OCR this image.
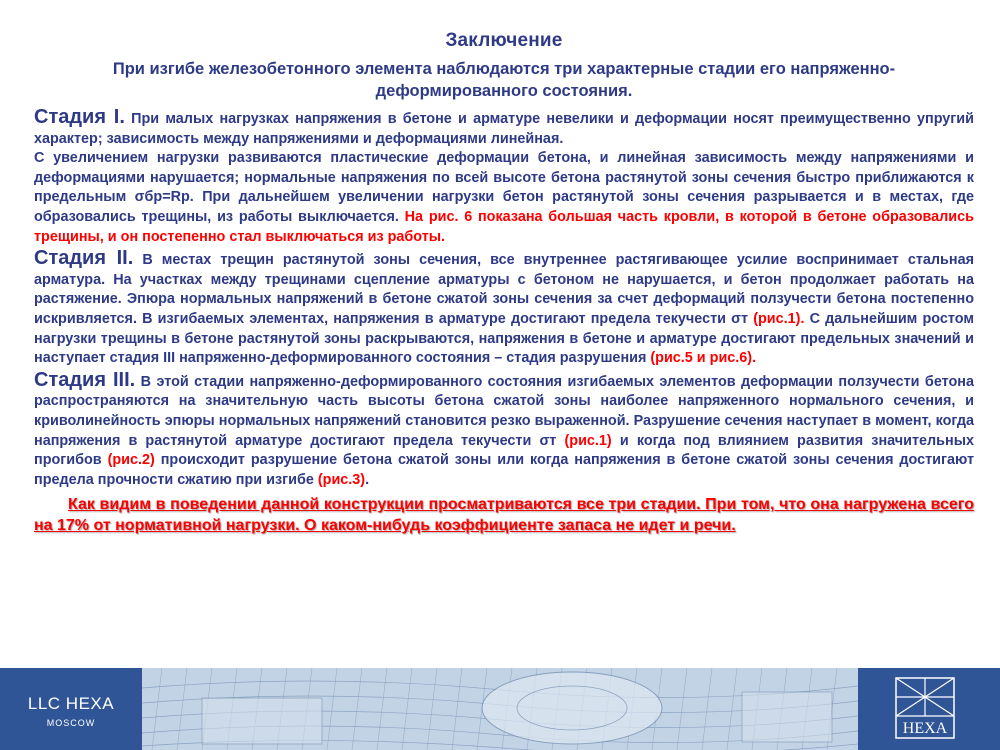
Заключение
При изгибе железобетонного элемента наблюдаются три характерные стадии его напряженно-деформированного состояния.

Стадия I. При малых нагрузках напряжения в бетоне и арматуре невелики и деформации носят преимущественно упругий характер; зависимость между напряжениями и деформациями линейная.

С увеличением нагрузки развиваются пластические деформации бетона, и линейная зависимость между напряжениями и деформациями нарушается; нормальные напряжения по всей высоте бетона растянутой зоны сечения быстро приближаются к предельным σбр=Rр. При дальнейшем увеличении нагрузки бетон растянутой зоны сечения разрывается и в местах, где образовались трещины, из работы выключается. На рис. 6 показана большая часть кровли, в которой в бетоне образовались трещины, и он постепенно стал выключаться из работы.

Стадия II. В местах трещин растянутой зоны сечения, все внутреннее растягивающее усилие воспринимает стальная арматура. На участках между трещинами сцепление арматуры с бетоном не нарушается, и бетон продолжает работать на растяжение. Эпюра нормальных напряжений в бетоне сжатой зоны сечения за счет деформаций ползучести бетона постепенно искривляется. В изгибаемых элементах, напряжения в арматуре достигают предела текучести σт (рис.1). С дальнейшим ростом нагрузки трещины в бетоне растянутой зоны раскрываются, напряжения в бетоне и арматуре достигают предельных значений и наступает стадия III напряженно-деформированного состояния – стадия разрушения (рис.5 и рис.6).

Стадия III. В этой стадии напряженно-деформированного состояния изгибаемых элементов деформации ползучести бетона распространяются на значительную часть высоты бетона сжатой зоны наиболее напряженного нормального сечения, и криволинейность эпюры нормальных напряжений становится резко выраженной. Разрушение сечения наступает в момент, когда напряжения в растянутой арматуре достигают предела текучести σт (рис.1) и когда под влиянием развития значительных прогибов (рис.2) происходит разрушение бетона сжатой зоны или когда напряжения в бетоне сжатой зоны сечения достигают предела прочности сжатию при изгибе (рис.3).

Как видим в поведении данной конструкции просматриваются все три стадии. При том, что она нагружена всего на 17% от нормативной нагрузки. О каком-нибудь коэффициенте запаса не идет и речи.

LLC HEXA
MOSCOW	HEXA
